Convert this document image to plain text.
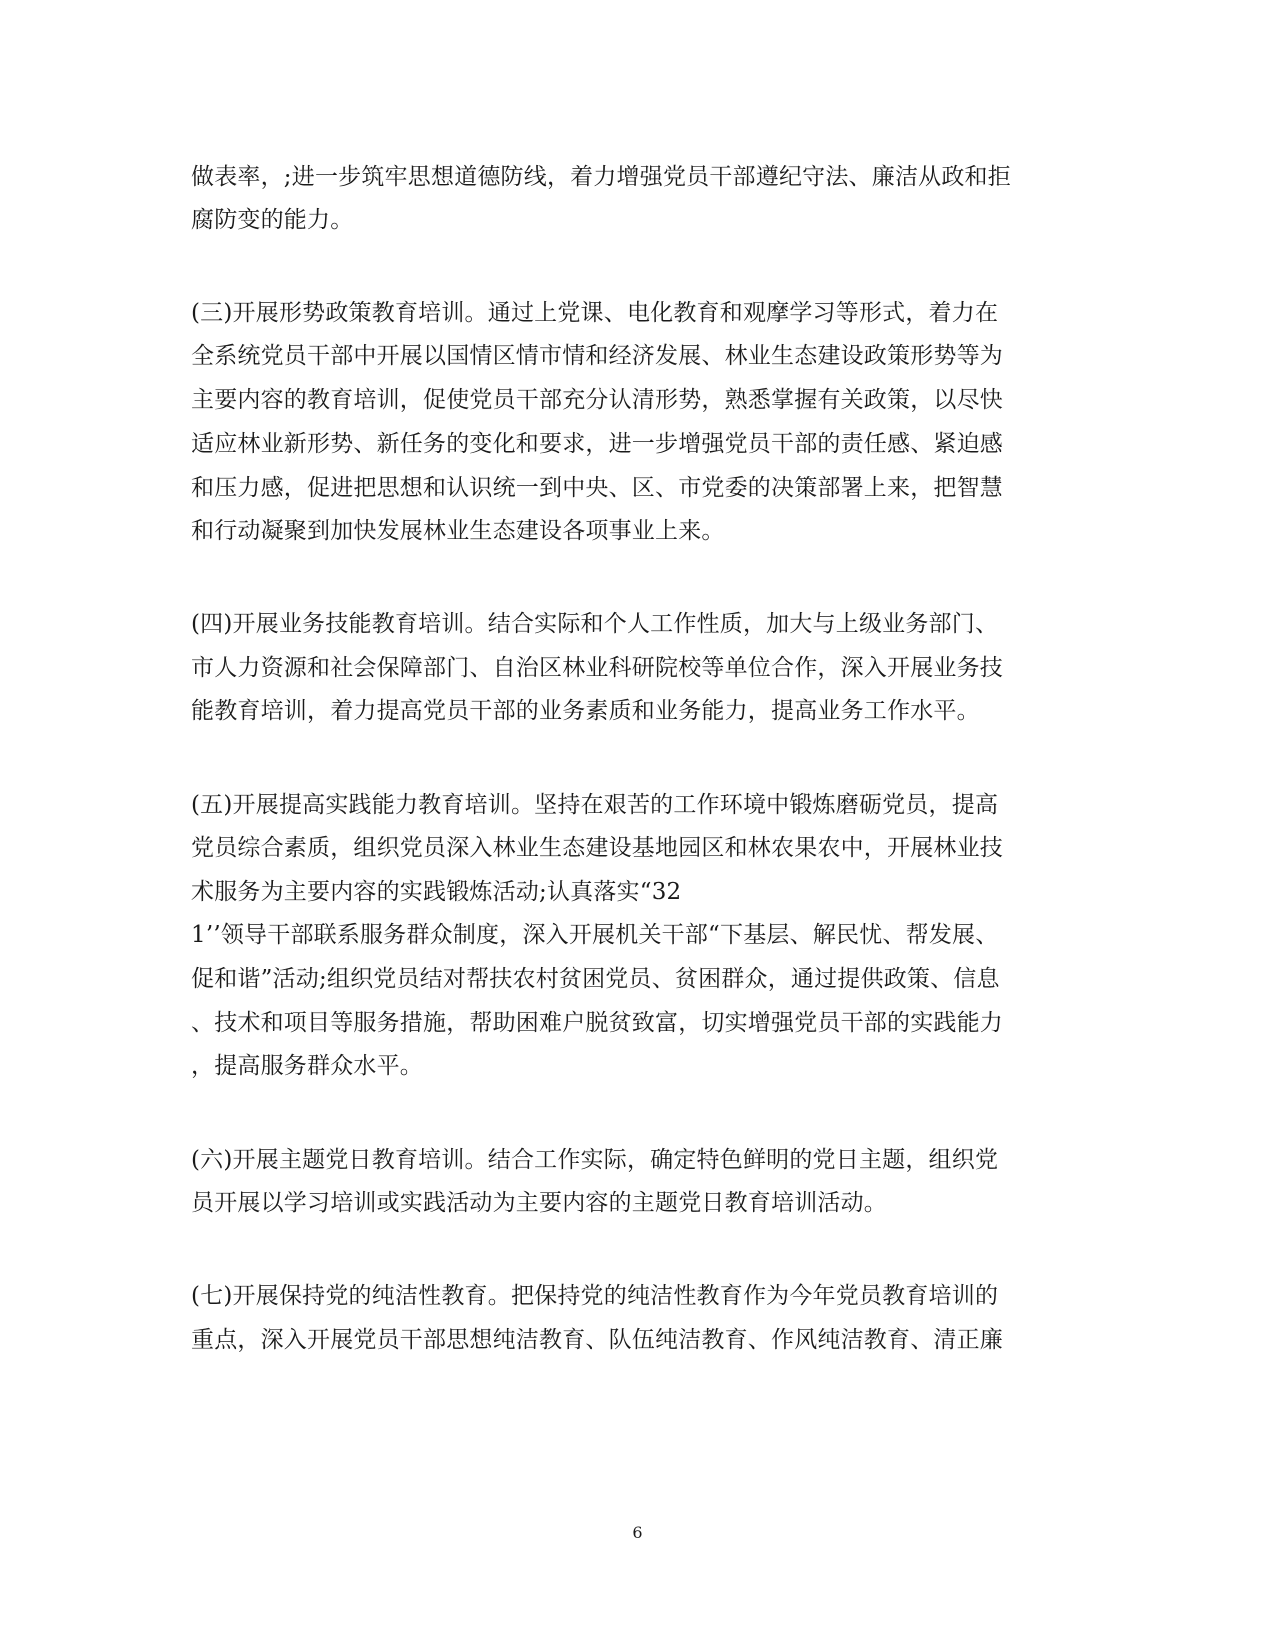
做表率，;进一步筑牢思想道德防线，着力增强党员干部遵纪守法、廉洁从政和拒
腐防变的能力。
(三)开展形势政策教育培训。通过上党课、电化教育和观摩学习等形式，着力在
全系统党员干部中开展以国情区情市情和经济发展、林业生态建设政策形势等为
主要内容的教育培训，促使党员干部充分认清形势，熟悉掌握有关政策，以尽快
适应林业新形势、新任务的变化和要求，进一步增强党员干部的责任感、紧迫感
和压力感，促进把思想和认识统一到中央、区、市党委的决策部署上来，把智慧
和行动凝聚到加快发展林业生态建设各项事业上来。
(四)开展业务技能教育培训。结合实际和个人工作性质，加大与上级业务部门、
市人力资源和社会保障部门、自治区林业科研院校等单位合作，深入开展业务技
能教育培训，着力提高党员干部的业务素质和业务能力，提高业务工作水平。
(五)开展提高实践能力教育培训。坚持在艰苦的工作环境中锻炼磨砺党员，提高
党员综合素质，组织党员深入林业生态建设基地园区和林农果农中，开展林业技
术服务为主要内容的实践锻炼活动;认真落实“32
1’’领导干部联系服务群众制度，深入开展机关干部“下基层、解民忧、帮发展、
促和谐”活动;组织党员结对帮扶农村贫困党员、贫困群众，通过提供政策、信息
、技术和项目等服务措施，帮助困难户脱贫致富，切实增强党员干部的实践能力
，提高服务群众水平。
(六)开展主题党日教育培训。结合工作实际，确定特色鲜明的党日主题，组织党
员开展以学习培训或实践活动为主要内容的主题党日教育培训活动。
(七)开展保持党的纯洁性教育。把保持党的纯洁性教育作为今年党员教育培训的
重点，深入开展党员干部思想纯洁教育、队伍纯洁教育、作风纯洁教育、清正廉
6
